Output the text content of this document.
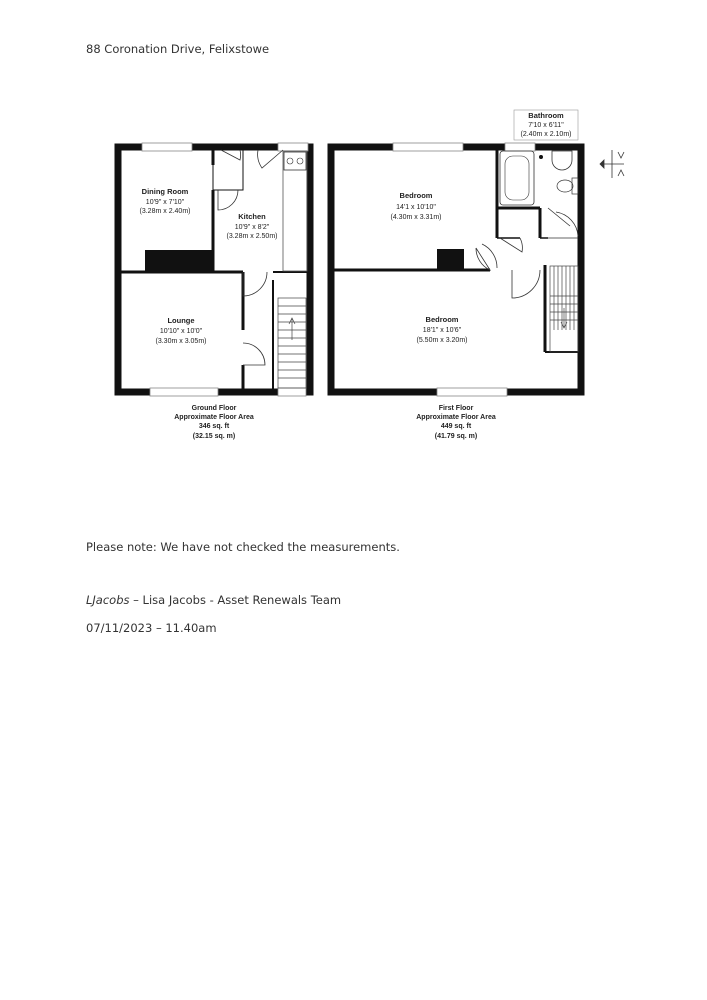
88 Coronation Drive, Felixstowe
Dining Room
10'9" x 7'10"
(3.28m x 2.40m)
Kitchen
10'9" x 8'2"
(3.28m x 2.50m)
Lounge
10'10" x 10'0"
(3.30m x 3.05m)
Ground Floor
Approximate Floor Area
346 sq. ft
(32.15 sq. m)
Bathroom
7'10 x 6'11"
(2.40m x 2.10m)
Bedroom
14'1 x 10'10"
(4.30m x 3.31m)
Bedroom
18'1" x 10'6"
(5.50m x 3.20m)
First Floor
Approximate Floor Area
449 sq. ft
(41.79 sq. m)
Please note: We have not checked the measurements.
LJacobs – Lisa Jacobs - Asset Renewals Team
07/11/2023 – 11.40am
